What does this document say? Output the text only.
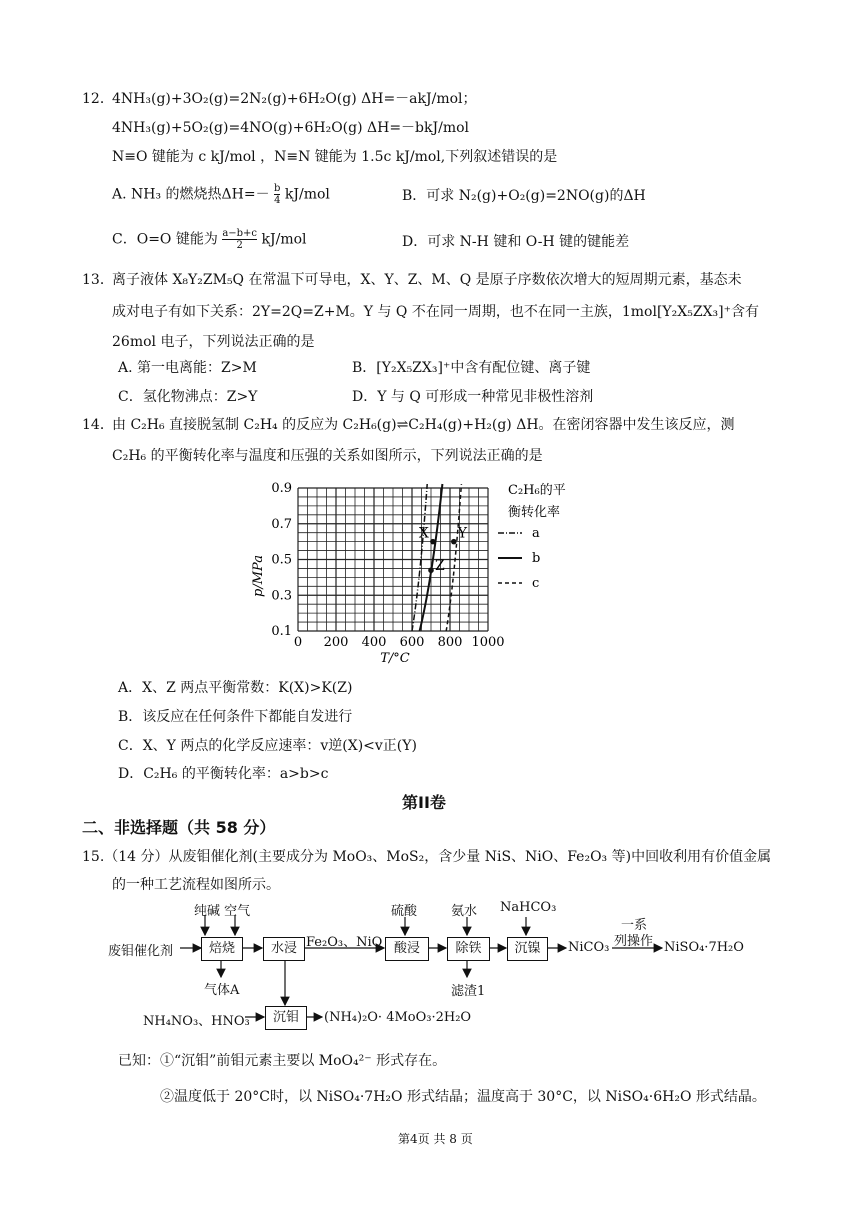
12．
4NH₃(g)+3O₂(g)=2N₂(g)+6H₂O(g) ΔH=－akJ/mol；
4NH₃(g)+5O₂(g)=4NO(g)+6H₂O(g) ΔH=－bkJ/mol
N≡O 键能为 c kJ/mol ，N≡N 键能为 1.5c kJ/mol,下列叙述错误的是
A. NH₃ 的燃烧热$\Delta H=- \frac{b}{4} kJ/mol$	B．可求 N₂(g)+O₂(g)=2NO(g)的ΔH
C．O=O 键能为 $\frac{a-b+c}{2} kJ/mol$	D．可求 N-H 键和 O-H 键的键能差
13．
离子液体 X₈Y₂ZM₅Q 在常温下可导电，X、Y、Z、M、Q 是原子序数依次增大的短周期元素，基态未
成对电子有如下关系：2Y=2Q=Z+M。Y 与 Q 不在同一周期，也不在同一主族，1mol[Y₂X₅ZX₃]⁺含有
26mol 电子，下列说法正确的是
A. 第一电离能：Z>M	B．[Y₂X₅ZX₃]⁺中含有配位键、离子键
C．氢化物沸点：Z>Y	D．Y 与 Q 可形成一种常见非极性溶剂
14．
由 C₂H₆ 直接脱氢制 C₂H₄ 的反应为 C₂H₆(g)⇌C₂H₄(g)+H₂(g) ΔH。在密闭容器中发生该反应，测
C₂H₆ 的平衡转化率与温度和压强的关系如图所示，下列说法正确的是
X Y
Z
0 200 400 600 800 1000
0.1
0.3
0.5
0.7
0.9
p/MPa
T/°C
C₂H₆的平
衡转化率
a
b
c
A．X、Z 两点平衡常数：K(X)>K(Z)
B．该反应在任何条件下都能自发进行
C．X、Y 两点的化学反应速率：v逆(X)<v正(Y)
D．C₂H₆ 的平衡转化率：a>b>c
第II卷
二、非选择题（共 58 分）
15.（14 分）从废钼催化剂(主要成分为 MoO₃、MoS₂，含少量 NiS、NiO、Fe₂O₃ 等)中回收利用有价值金属
的一种工艺流程如图所示。
焙烧	水浸	酸浸	除铁	沉镍
沉钼
废钼催化剂
纯碱 空气
气体A
Fe₂O₃、NiO
硫酸	氨水 NaHCO₃
滤渣1
NiCO₃
一系
列操作 NiSO₄·7H₂O
NH₄NO₃、HNO₃	(NH₄)₂O· 4MoO₃·2H₂O
已知：①“沉钼”前钼元素主要以 MoO₄²⁻ 形式存在。
②温度低于 20°C时，以 NiSO₄·7H₂O 形式结晶；温度高于 30°C，以 NiSO₄·6H₂O 形式结晶。
第4页 共 8 页
